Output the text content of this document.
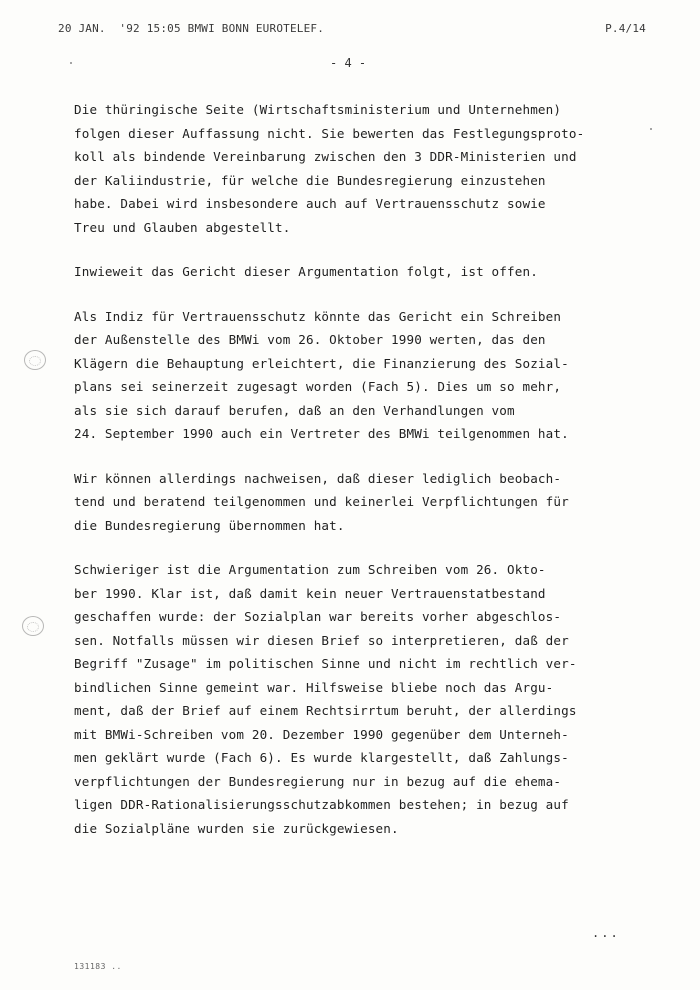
20 JAN.  '92 15:05 BMWI BONN EUROTELEF.	P.4/14
- 4 -
Die thüringische Seite (Wirtschaftsministerium und Unternehmen)
folgen dieser Auffassung nicht. Sie bewerten das Festlegungsproto-
koll als bindende Vereinbarung zwischen den 3 DDR-Ministerien und
der Kaliindustrie, für welche die Bundesregierung einzustehen
habe. Dabei wird insbesondere auch auf Vertrauensschutz sowie
Treu und Glauben abgestellt.
Inwieweit das Gericht dieser Argumentation folgt, ist offen.
Als Indiz für Vertrauensschutz könnte das Gericht ein Schreiben
der Außenstelle des BMWi vom 26. Oktober 1990 werten, das den
Klägern die Behauptung erleichtert, die Finanzierung des Sozial-
plans sei seinerzeit zugesagt worden (Fach 5). Dies um so mehr,
als sie sich darauf berufen, daß an den Verhandlungen vom
24. September 1990 auch ein Vertreter des BMWi teilgenommen hat.
Wir können allerdings nachweisen, daß dieser lediglich beobach-
tend und beratend teilgenommen und keinerlei Verpflichtungen für
die Bundesregierung übernommen hat.
Schwieriger ist die Argumentation zum Schreiben vom 26. Okto-
ber 1990. Klar ist, daß damit kein neuer Vertrauenstatbestand
geschaffen wurde: der Sozialplan war bereits vorher abgeschlos-
sen. Notfalls müssen wir diesen Brief so interpretieren, daß der
Begriff "Zusage" im politischen Sinne und nicht im rechtlich ver-
bindlichen Sinne gemeint war. Hilfsweise bliebe noch das Argu-
ment, daß der Brief auf einem Rechtsirrtum beruht, der allerdings
mit BMWi-Schreiben vom 20. Dezember 1990 gegenüber dem Unterneh-
men geklärt wurde (Fach 6). Es wurde klargestellt, daß Zahlungs-
verpflichtungen der Bundesregierung nur in bezug auf die ehema-
ligen DDR-Rationalisierungsschutzabkommen bestehen; in bezug auf
die Sozialpläne wurden sie zurückgewiesen.
...
131183 ..
